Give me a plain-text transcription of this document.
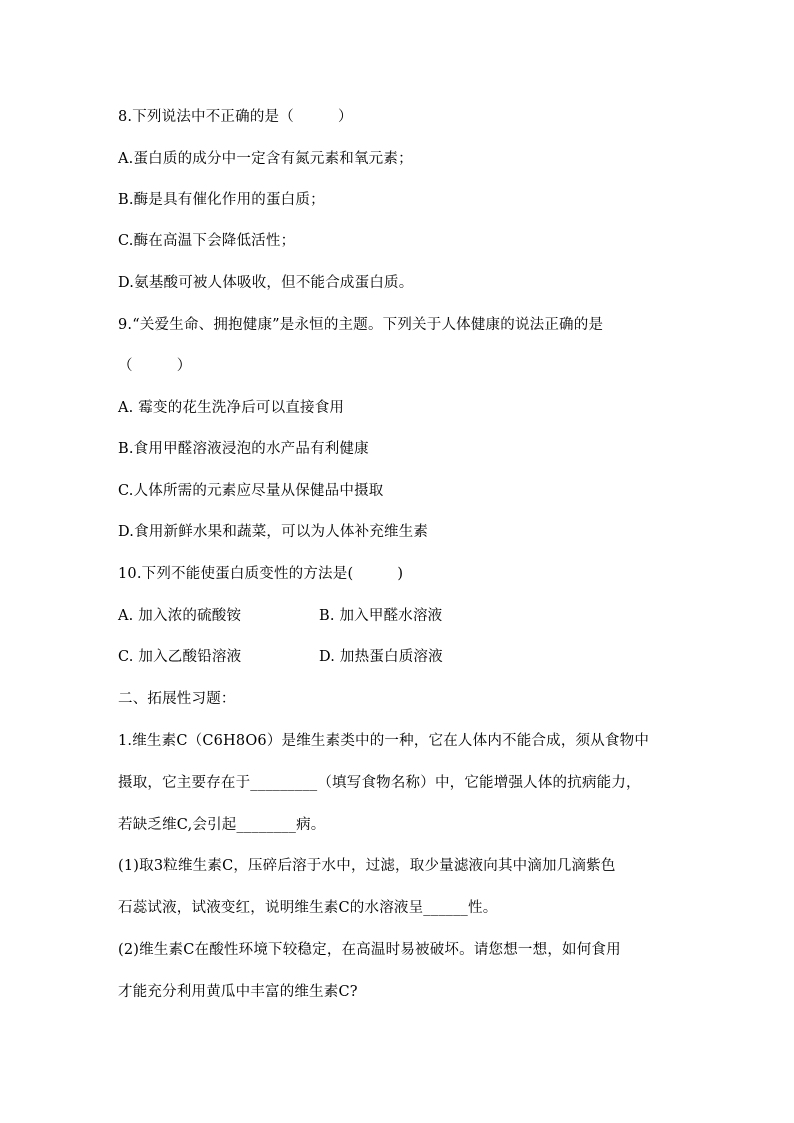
8.下列说法中不正确的是（　　　）
A.蛋白质的成分中一定含有氮元素和氧元素；
B.酶是具有催化作用的蛋白质；
C.酶在高温下会降低活性；
D.氨基酸可被人体吸收，但不能合成蛋白质。
9.“关爱生命、拥抱健康”是永恒的主题。下列关于人体健康的说法正确的是
（　　　）
A. 霉变的花生洗净后可以直接食用
B.食用甲醛溶液浸泡的水产品有利健康
C.人体所需的元素应尽量从保健品中摄取
D.食用新鲜水果和蔬菜，可以为人体补充维生素
10.下列不能使蛋白质变性的方法是(　　　)
A. 加入浓的硫酸铵	B. 加入甲醛水溶液
C. 加入乙酸铅溶液	D. 加热蛋白质溶液
二、拓展性习题：
1.维生素C（C6H8O6）是维生素类中的一种，它在人体内不能合成，须从食物中
摄取，它主要存在于_________（填写食物名称）中，它能增强人体的抗病能力，
若缺乏维C,会引起________病。
(1)取3粒维生素C，压碎后溶于水中，过滤，取少量滤液向其中滴加几滴紫色
石蕊试液，试液变红，说明维生素C的水溶液呈______性。
(2)维生素C在酸性环境下较稳定，在高温时易被破坏。请您想一想，如何食用
才能充分利用黄瓜中丰富的维生素C?
